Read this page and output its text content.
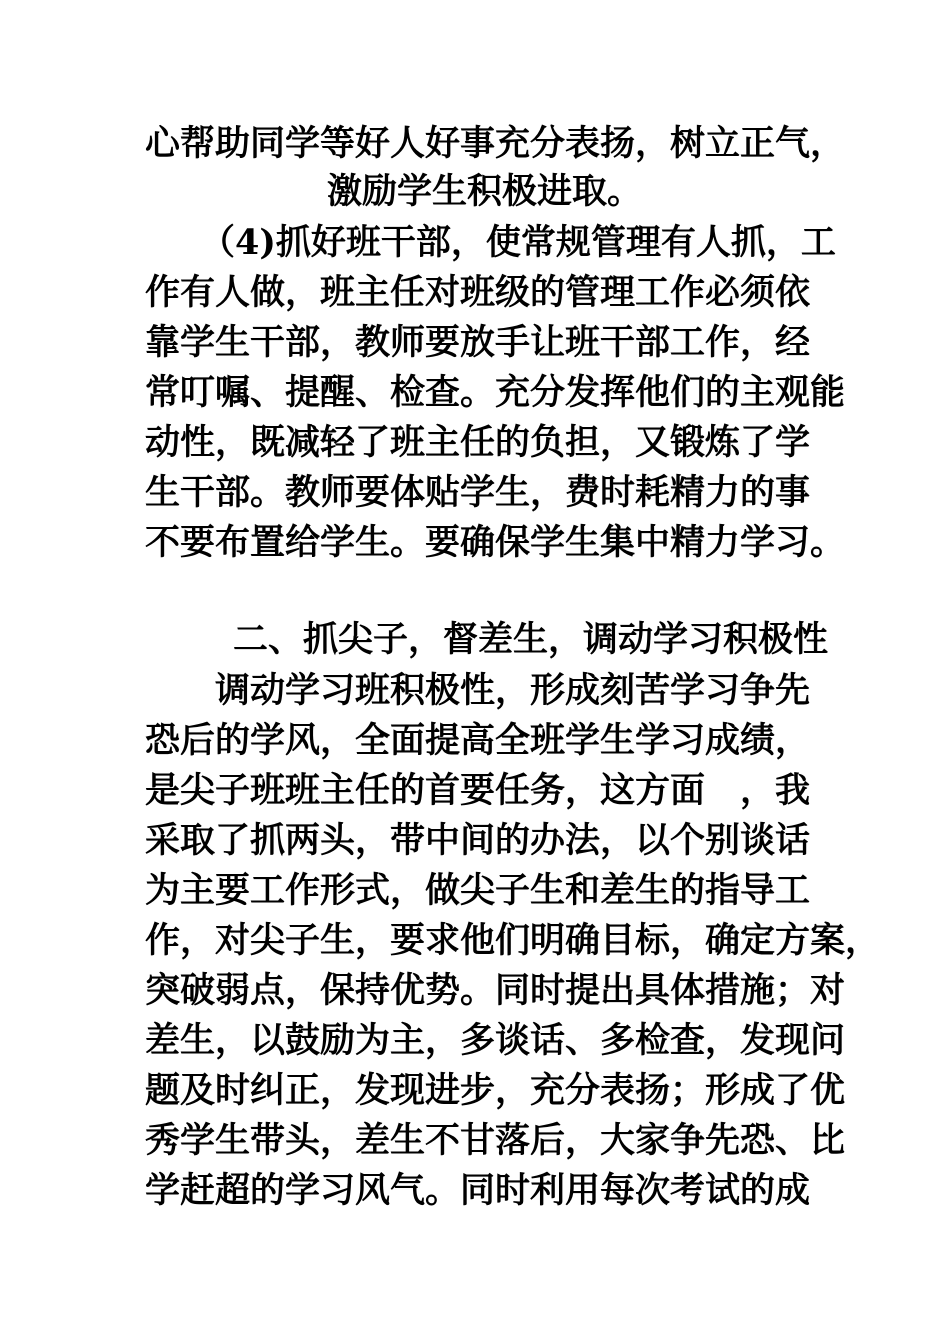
心帮助同学等好人好事充分表扬，树立正气，
激励学生积极进取。
（4)抓好班干部，使常规管理有人抓，工
作有人做，班主任对班级的管理工作必须依
靠学生干部，教师要放手让班干部工作，经
常叮嘱、提醒、检查。充分发挥他们的主观能
动性，既减轻了班主任的负担，又锻炼了学
生干部。教师要体贴学生，费时耗精力的事
不要布置给学生。要确保学生集中精力学习。
二、抓尖子，督差生，调动学习积极性
调动学习班积极性，形成刻苦学习争先
恐后的学风，全面提高全班学生学习成绩，
是尖子班班主任的首要任务，这方面　，我
采取了抓两头，带中间的办法，以个别谈话
为主要工作形式，做尖子生和差生的指导工
作，对尖子生，要求他们明确目标，确定方案，
突破弱点，保持优势。同时提出具体措施；对
差生，以鼓励为主，多谈话、多检查，发现问
题及时纠正，发现进步，充分表扬；形成了优
秀学生带头，差生不甘落后，大家争先恐、比
学赶超的学习风气。同时利用每次考试的成
